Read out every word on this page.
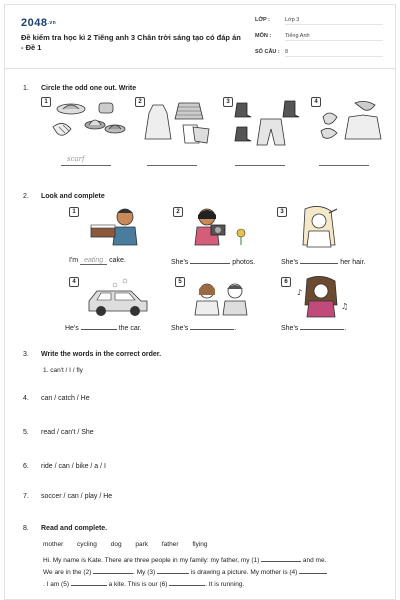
2048.vn
Đề kiểm tra học kì 2 Tiếng anh 3 Chân trời sáng tạo có đáp án - Đề 1
LỚP :	Lớp 3
MÔN :	Tiếng Anh
SỐ CÂU : 8
1. Circle the odd one out. Write
1	2	3	4
scarf
2. Look and complete
1	2	3
I'm eating cake.	She's	photos.	She's	her hair.
4	5	6
♪
♫
He's	the car.	She's	.	She's	.
3. Write the words in the correct order.
1. can't / I / fly
4. can / catch / He
5. read / can't / She
6. ride / can / bike / a / I
7. soccer / can / play / He
8. Read and complete.
mother cycling dog park father flying
Hi. My name is Kate. There are three people in my family: my father, my (1)	and me.
We are in the (2)	. My (3)	is drawing a picture. My mother is (4)
. I am (5)	a kite. This is our (6)	. It is running.
